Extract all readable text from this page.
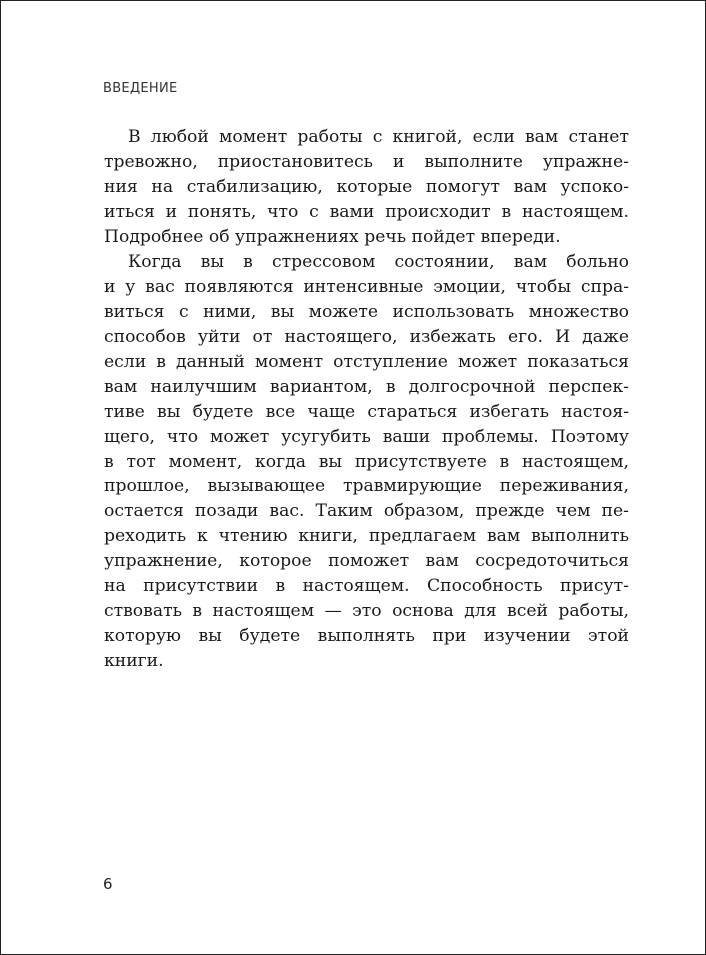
ВВЕДЕНИЕ
В любой момент работы с книгой, если вам станет
тревожно, приостановитесь и выполните упражне-
ния на стабилизацию, которые помогут вам успоко-
иться и понять, что с вами происходит в настоящем.
Подробнее об упражнениях речь пойдет впереди.
Когда вы в стрессовом состоянии, вам больно
и у вас появляются интенсивные эмоции, чтобы спра-
виться с ними, вы можете использовать множество
способов уйти от настоящего, избежать его. И даже
если в данный момент отступление может показаться
вам наилучшим вариантом, в долгосрочной перспек-
тиве вы будете все чаще стараться избегать настоя-
щего, что может усугубить ваши проблемы. Поэтому
в тот момент, когда вы присутствуете в настоящем,
прошлое, вызывающее травмирующие переживания,
остается позади вас. Таким образом, прежде чем пе-
реходить к чтению книги, предлагаем вам выполнить
упражнение, которое поможет вам сосредоточиться
на присутствии в настоящем. Способность присут-
ствовать в настоящем — это основа для всей работы,
которую вы будете выполнять при изучении этой
книги.
6
